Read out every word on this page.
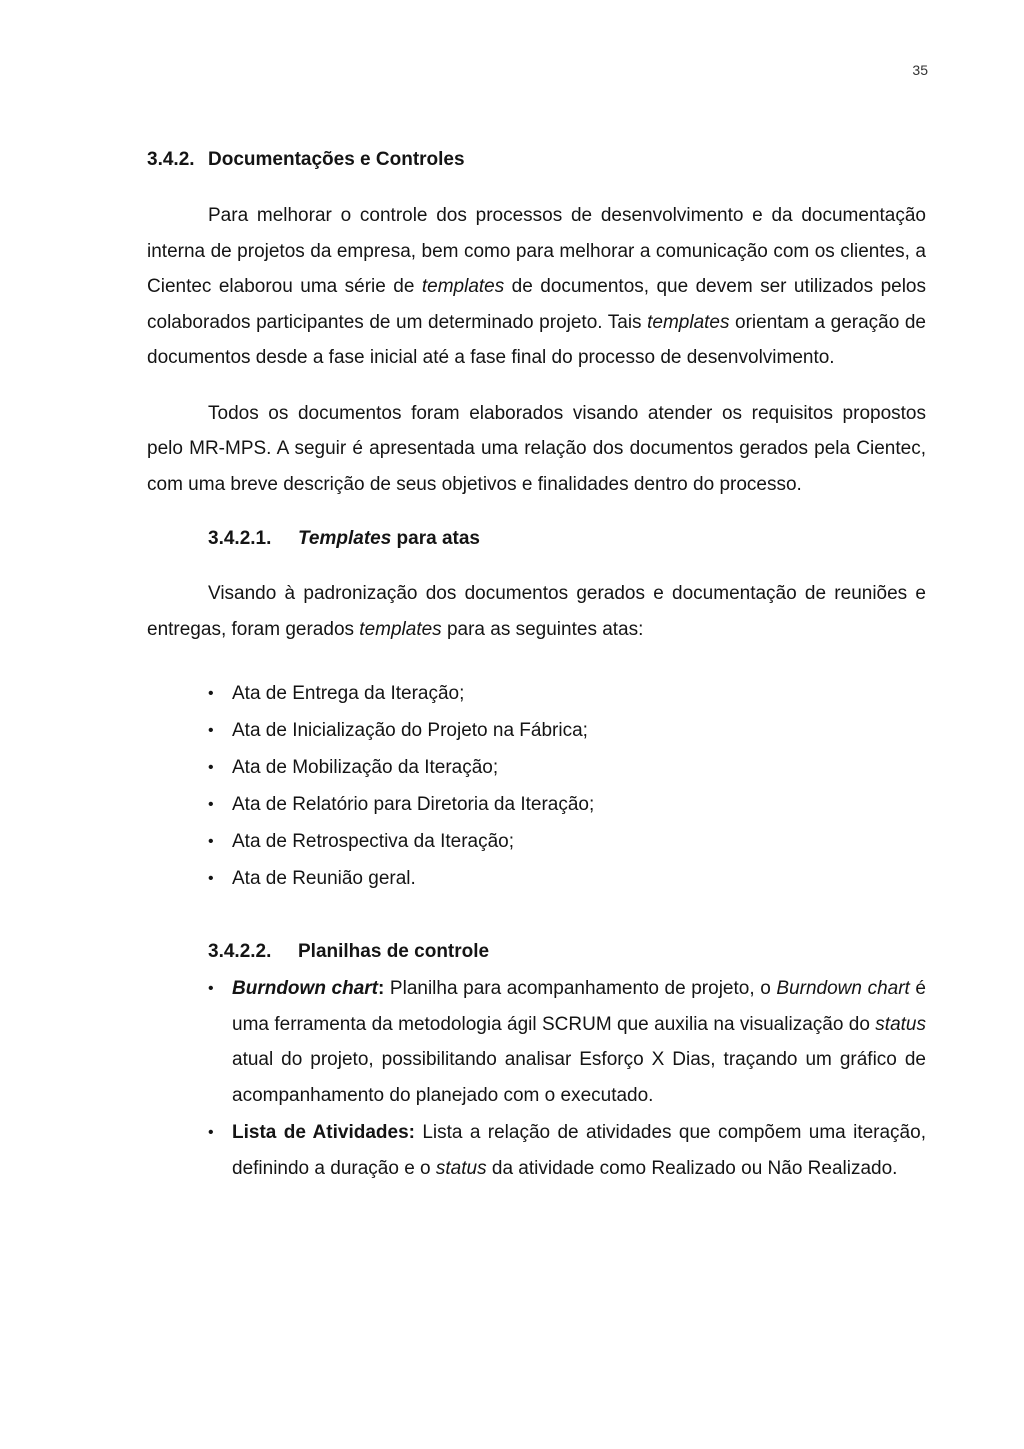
35
3.4.2. Documentações e Controles

Para melhorar o controle dos processos de desenvolvimento e da documentação interna de projetos da empresa, bem como para melhorar a comunicação com os clientes, a Cientec elaborou uma série de templates de documentos, que devem ser utilizados pelos colaborados participantes de um determinado projeto. Tais templates orientam a geração de documentos desde a fase inicial até a fase final do processo de desenvolvimento.

Todos os documentos foram elaborados visando atender os requisitos propostos pelo MR-MPS. A seguir é apresentada uma relação dos documentos gerados pela Cientec, com uma breve descrição de seus objetivos e finalidades dentro do processo.

3.4.2.1. Templates para atas

Visando à padronização dos documentos gerados e documentação de reuniões e entregas, foram gerados templates para as seguintes atas:

• Ata de Entrega da Iteração;
• Ata de Inicialização do Projeto na Fábrica;
• Ata de Mobilização da Iteração;
• Ata de Relatório para Diretoria da Iteração;
• Ata de Retrospectiva da Iteração;
• Ata de Reunião geral.
3.4.2.2. Planilhas de controle
• Burndown chart: Planilha para acompanhamento de projeto, o Burndown chart é uma ferramenta da metodologia ágil SCRUM que auxilia na visualização do status atual do projeto, possibilitando analisar Esforço X Dias, traçando um gráfico de acompanhamento do planejado com o executado.
• Lista de Atividades: Lista a relação de atividades que compõem uma iteração, definindo a duração e o status da atividade como Realizado ou Não Realizado.
